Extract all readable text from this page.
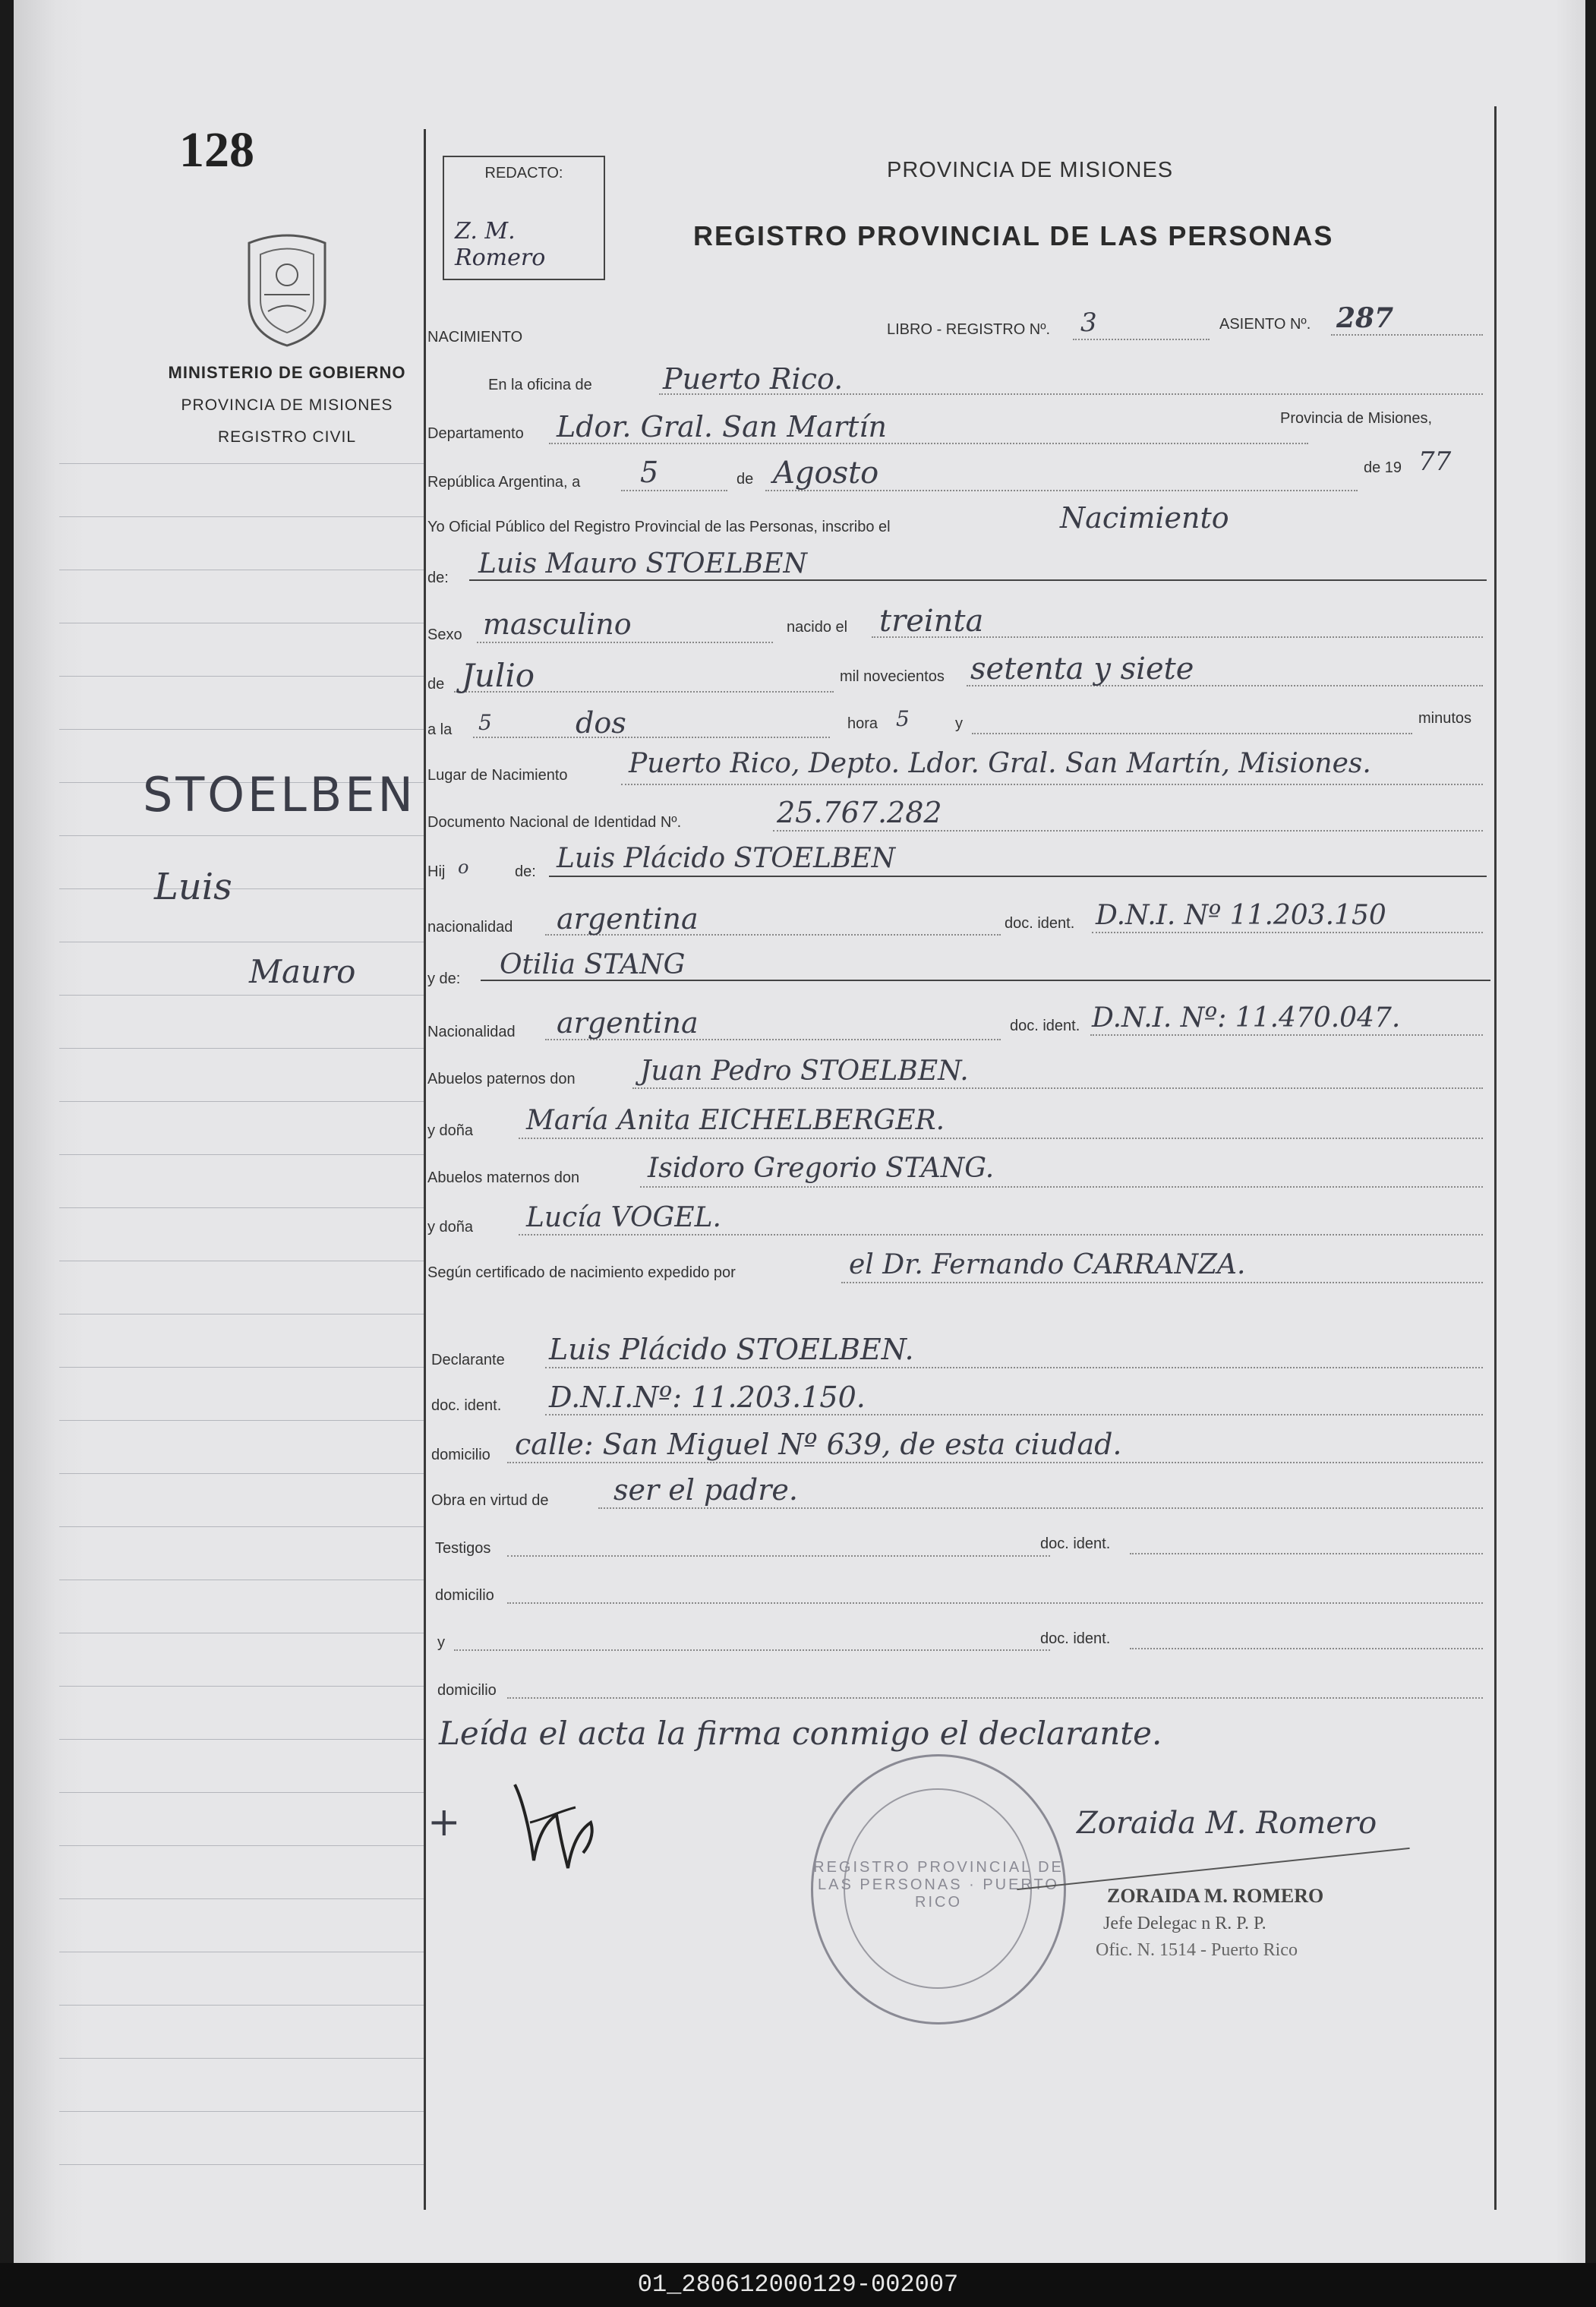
128
MINISTERIO DE GOBIERNO
PROVINCIA DE MISIONES
REGISTRO CIVIL
REDACTO:
Z. M. Romero
PROVINCIA DE MISIONES
REGISTRO PROVINCIAL DE LAS PERSONAS
STOELBEN
Luis
Mauro
NACIMIENTO	LIBRO - REGISTRO Nº. 3	ASIENTO Nº. 287
En la oficina de Puerto Rico.
Departamento Ldor. Gral. San Martín	Provincia de Misiones,
República Argentina, a 5	de Agosto	de 19 77
Yo Oficial Público del Registro Provincial de las Personas, inscribo el	Nacimiento
de: Luis Mauro STOELBEN
Sexo masculino	nacido el treinta
de Julio	mil novecientos setenta y siete
a la 5	dos	hora 5	y	minutos
Lugar de Nacimiento Puerto Rico, Depto. Ldor. Gral. San Martín, Misiones.
Documento Nacional de Identidad Nº.	25.767.282
Hij o	de: Luis Plácido STOELBEN
nacionalidad argentina	doc. ident. D.N.I. Nº 11.203.150
y de: Otilia STANG
Nacionalidad argentina	doc. ident. D.N.I. Nº: 11.470.047.
Abuelos paternos don Juan Pedro STOELBEN.
y doña María Anita EICHELBERGER.
Abuelos maternos don Isidoro Gregorio STANG.
y doña Lucía VOGEL.
Según certificado de nacimiento expedido por	el Dr. Fernando CARRANZA.
Declarante Luis Plácido STOELBEN.
doc. ident. D.N.I.Nº: 11.203.150.
domicilio calle: San Miguel Nº 639, de esta ciudad.
Obra en virtud de ser el padre.
Testigos	doc. ident.
domicilio
y	doc. ident.
domicilio
Leída el acta la firma conmigo el declarante.
+
REGISTRO PROVINCIAL DE LAS PERSONAS · PUERTO RICO
Zoraida M. Romero
ZORAIDA M. ROMERO
Jefe Delegac n R. P. P.
Ofic. N. 1514 - Puerto Rico
01_280612000129-002007
